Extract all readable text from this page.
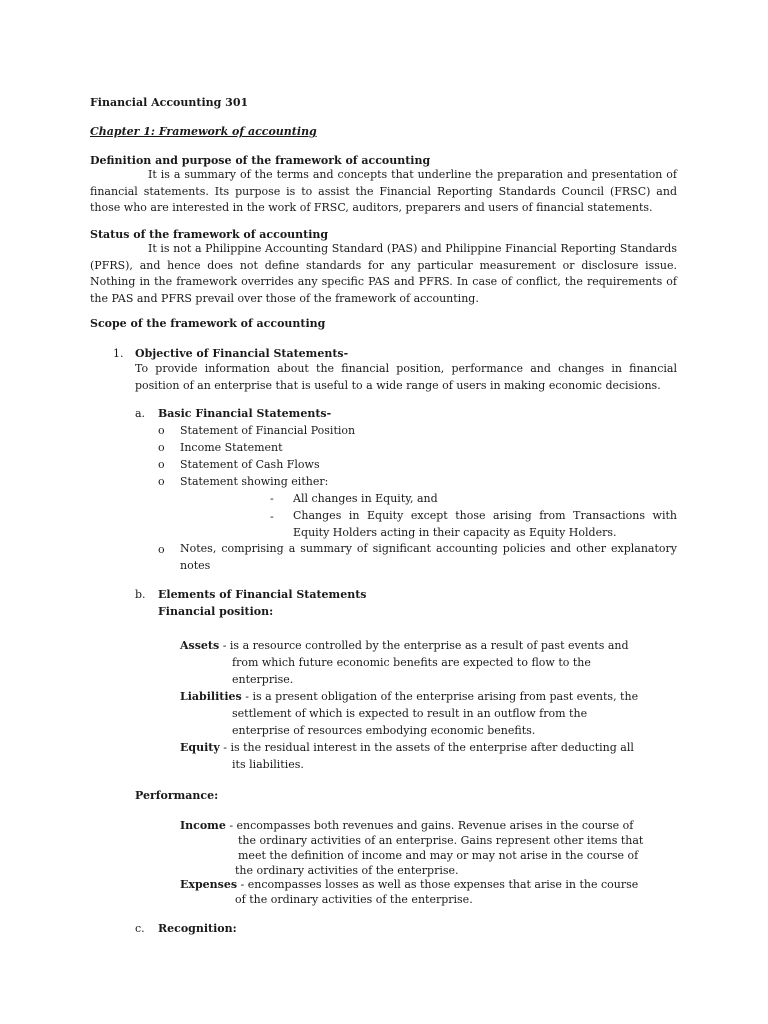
Financial Accounting 301
Chapter 1: Framework of accounting
Definition and purpose of the framework of accounting

It is a summary of the terms and concepts that underline the preparation and presentation of financial statements. Its purpose is to assist the Financial Reporting Standards Council (FRSC) and those who are interested in the work of FRSC, auditors, preparers and users of financial statements.

Status of the framework of accounting

It is not a Philippine Accounting Standard (PAS) and Philippine Financial Reporting Standards (PFRS), and hence does not define standards for any particular measurement or disclosure issue. Nothing in the framework overrides any specific PAS and PFRS. In case of conflict, the requirements of the PAS and PFRS prevail over those of the framework of accounting.

Scope of the framework of accounting
1. Objective of Financial Statements-

To provide information about the financial position, performance and changes in financial position of an enterprise that is useful to a wide range of users in making economic decisions.

a. Basic Financial Statements-
o Statement of Financial Position
o Income Statement
o Statement of Cash Flows
o Statement showing either:
- All changes in Equity, and
- Changes in Equity except those arising from Transactions with Equity Holders acting in their capacity as Equity Holders.

o Notes, comprising a summary of significant accounting policies and other explanatory notes

b. Elements of Financial Statements
Financial position:
Assets - is a resource controlled by the enterprise as a result of past events and
from which future economic benefits are expected to flow to the
enterprise.
Liabilities - is a present obligation of the enterprise arising from past events, the
settlement of which is expected to result in an outflow from the
enterprise of resources embodying economic benefits.
Equity - is the residual interest in the assets of the enterprise after deducting all
its liabilities.
Performance:
Income - encompasses both revenues and gains. Revenue arises in the course of
the ordinary activities of an enterprise. Gains represent other items that
meet the definition of income and may or may not arise in the course of
the ordinary activities of the enterprise.
Expenses - encompasses losses as well as those expenses that arise in the course
of the ordinary activities of the enterprise.
c. Recognition:
